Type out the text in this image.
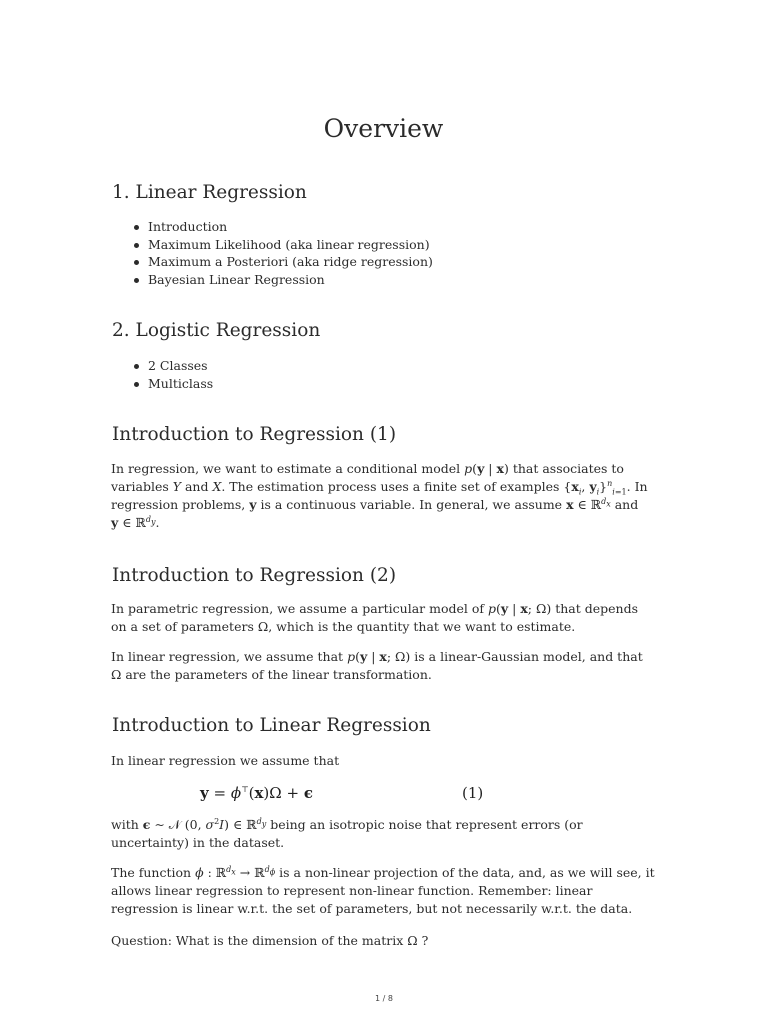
Overview
1. Linear Regression
Introduction
Maximum Likelihood (aka linear regression)
Maximum a Posteriori (aka ridge regression)
Bayesian Linear Regression
2. Logistic Regression
2 Classes
Multiclass
Introduction to Regression (1)

In regression, we want to estimate a conditional model p(y | x) that associates to variables Y and X. The estimation process uses a finite set of examples {$x_i$, $y_i\}^n_{i=1}$. In regression problems, y is a continuous variable. In general, we assume x ∈ ℝ$^{d_x}$ and
y ∈ ℝ$^{d_y}$.

Introduction to Regression (2)

In parametric regression, we assume a particular model of p(y | x; Ω) that depends on a set of parameters Ω, which is the quantity that we want to estimate.

In linear regression, we assume that p(y | x; Ω) is a linear-Gaussian model, and that Ω are the parameters of the linear transformation.

Introduction to Linear Regression

In linear regression we assume that

y = ϕ⊤(x)Ω + ϵ	(1)

with ϵ ∼ 𝒩 (0, $\sigma^2I$) ∈ ℝ$^{d_y}$ being an isotropic noise that represent errors (or uncertainty) in the dataset.

The function ϕ : ℝ$^{d_x}$ → ℝ$^{d_\phi}$ is a non-linear projection of the data, and, as we will see, it allows linear regression to represent non-linear function. Remember: linear regression is linear w.r.t. the set of parameters, but not necessarily w.r.t. the data.

Question: What is the dimension of the matrix Ω ?

1 / 8
